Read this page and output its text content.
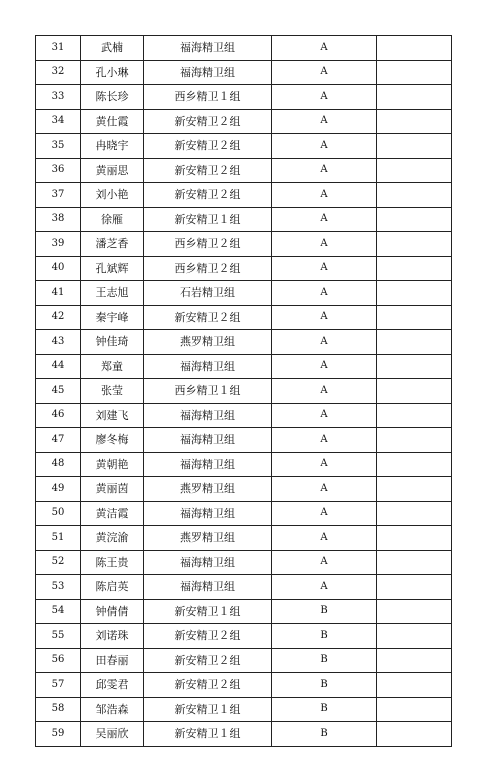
31	武楠	福海精卫组	A	
32	孔小琳	福海精卫组	A	
33	陈长珍	西乡精卫１组	A	
34	黄仕霞	新安精卫２组	A	
35	冉晓宇	新安精卫２组	A	
36	黄丽思	新安精卫２组	A	
37	刘小艳	新安精卫２组	A	
38	徐雁	新安精卫１组	A	
39	潘芝香	西乡精卫２组	A	
40	孔斌辉	西乡精卫２组	A	
41	王志旭	石岩精卫组	A	
42	秦宇峰	新安精卫２组	A	
43	钟佳琦	燕罗精卫组	A	
44	郑童	福海精卫组	A	
45	张莹	西乡精卫１组	A	
46	刘建飞	福海精卫组	A	
47	廖冬梅	福海精卫组	A	
48	黄朝艳	福海精卫组	A	
49	黄丽茵	燕罗精卫组	A	
50	黄洁霞	福海精卫组	A	
51	黄浣渝	燕罗精卫组	A	
52	陈王贵	福海精卫组	A	
53	陈启英	福海精卫组	A	
54	钟倩倩	新安精卫１组	B	
55	刘诺珠	新安精卫２组	B	
56	田春丽	新安精卫２组	B	
57	邱雯君	新安精卫２组	B	
58	邹浩森	新安精卫１组	B	
59	吴丽欣	新安精卫１组	B	
